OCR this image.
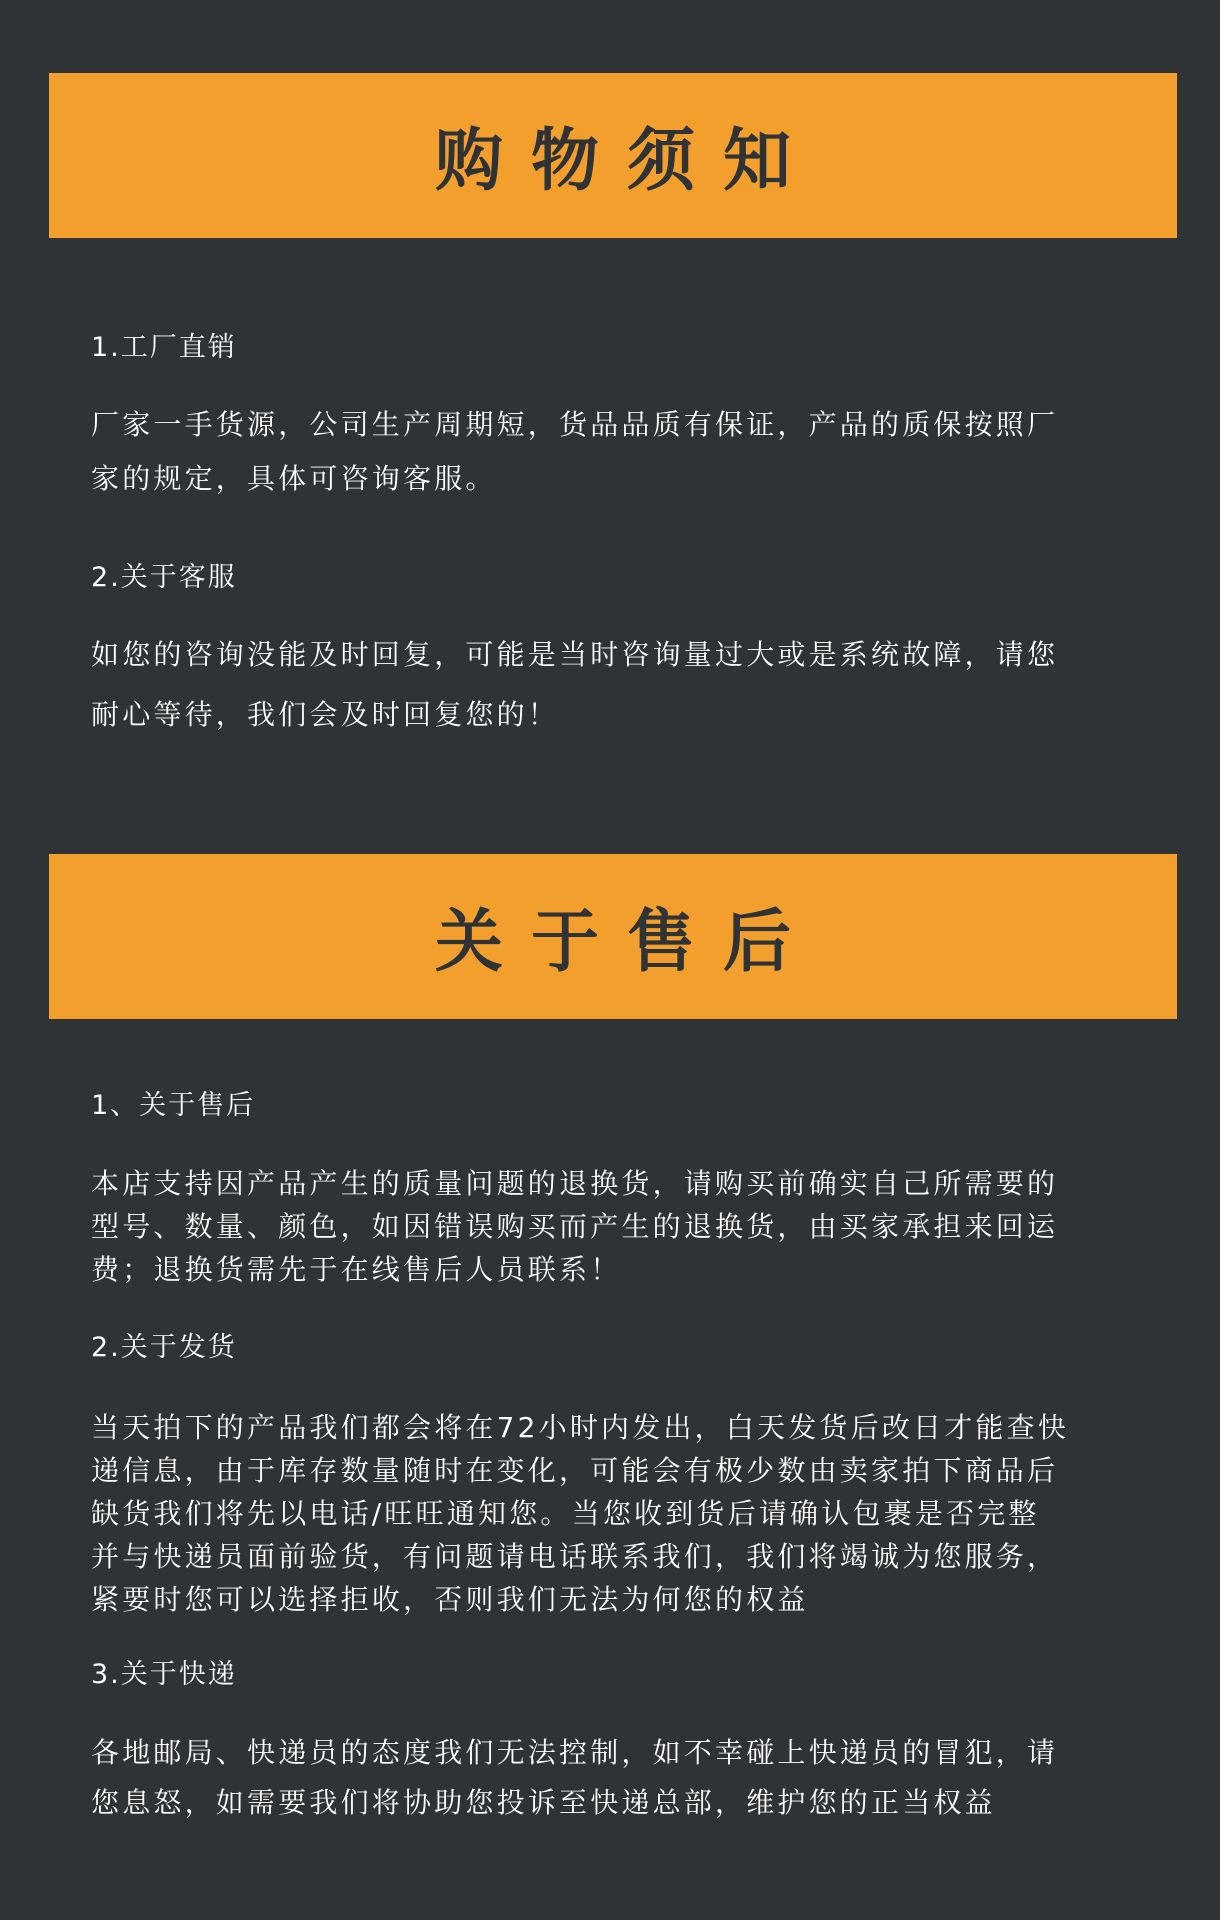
购物须知

1.工厂直销

厂家一手货源，公司生产周期短，货品品质有保证，产品的质保按照厂
家的规定，具体可咨询客服。

2.关于客服

如您的咨询没能及时回复，可能是当时咨询量过大或是系统故障，请您
耐心等待，我们会及时回复您的！

关于售后

1、关于售后

本店支持因产品产生的质量问题的退换货，请购买前确实自己所需要的
型号、数量、颜色，如因错误购买而产生的退换货，由买家承担来回运
费；退换货需先于在线售后人员联系！

2.关于发货

当天拍下的产品我们都会将在72小时内发出，白天发货后改日才能查快
递信息，由于库存数量随时在变化，可能会有极少数由卖家拍下商品后
缺货我们将先以电话/旺旺通知您。当您收到货后请确认包裹是否完整
并与快递员面前验货，有问题请电话联系我们，我们将竭诚为您服务，
紧要时您可以选择拒收，否则我们无法为何您的权益

3.关于快递

各地邮局、快递员的态度我们无法控制，如不幸碰上快递员的冒犯，请
您息怒，如需要我们将协助您投诉至快递总部，维护您的正当权益
